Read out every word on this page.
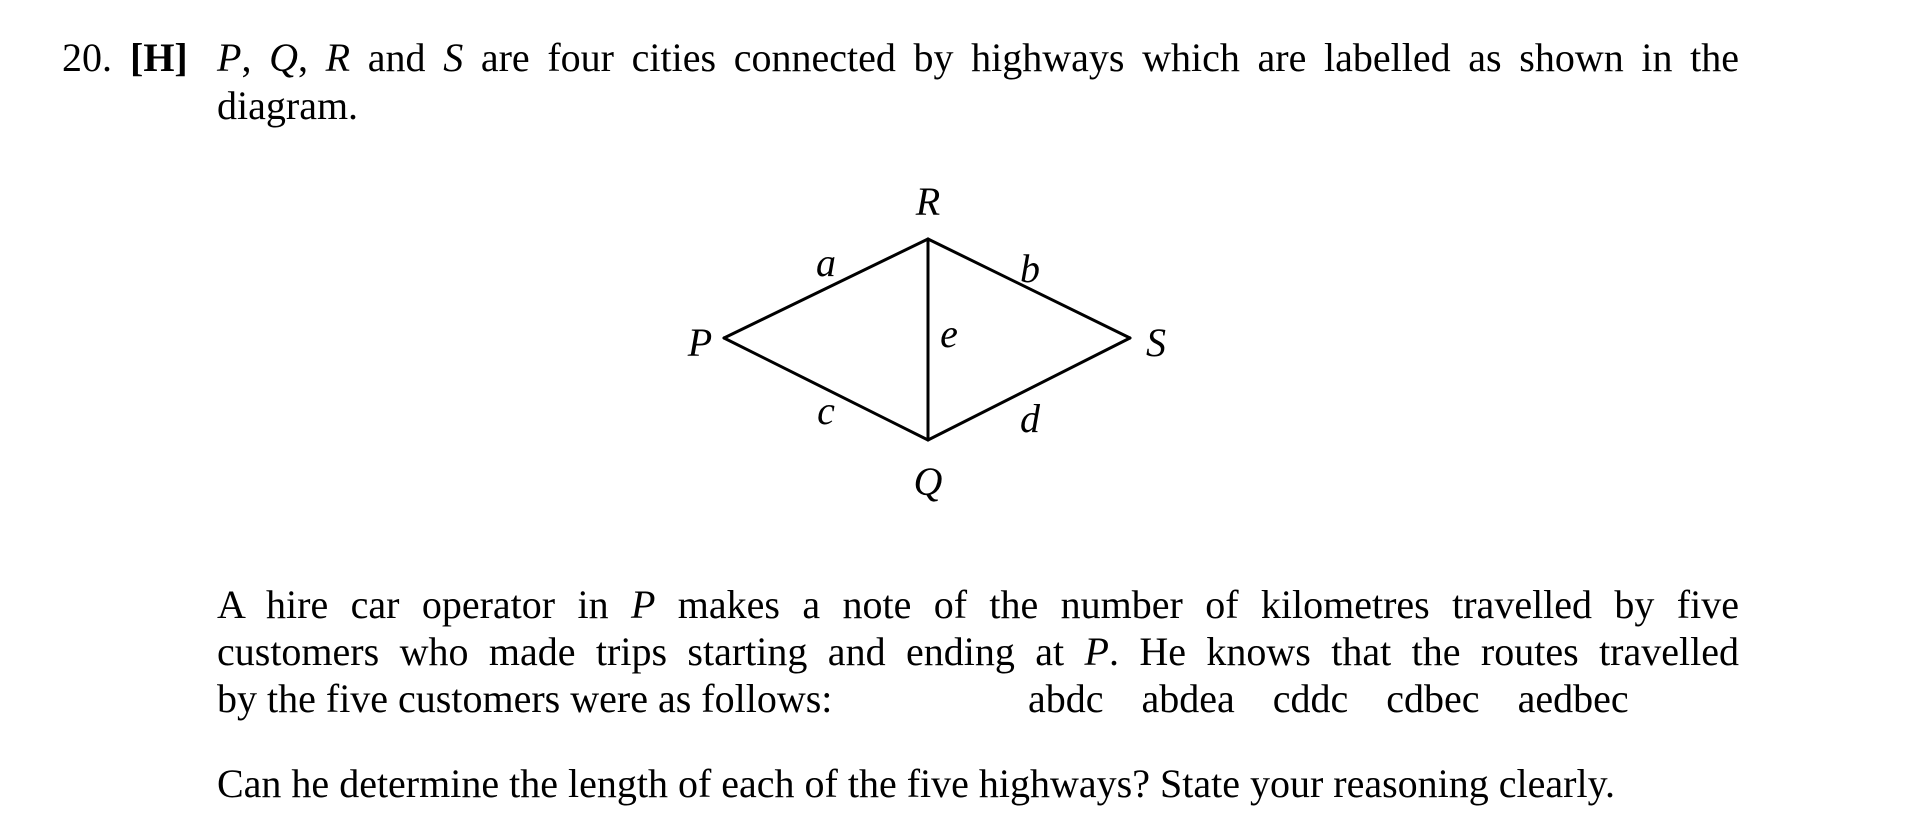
20. [H] P, Q, R and S are four cities connected by highways which are labelled as shown in the
diagram.
R
P	S
Q
a	b
e
c	d
A hire car operator in P makes a note of the number of kilometres travelled by five
customers who made trips starting and ending at P. He knows that the routes travelled
by the five customers were as follows:	abdc abdea cddc cdbec aedbec
Can he determine the length of each of the five highways? State your reasoning clearly.
